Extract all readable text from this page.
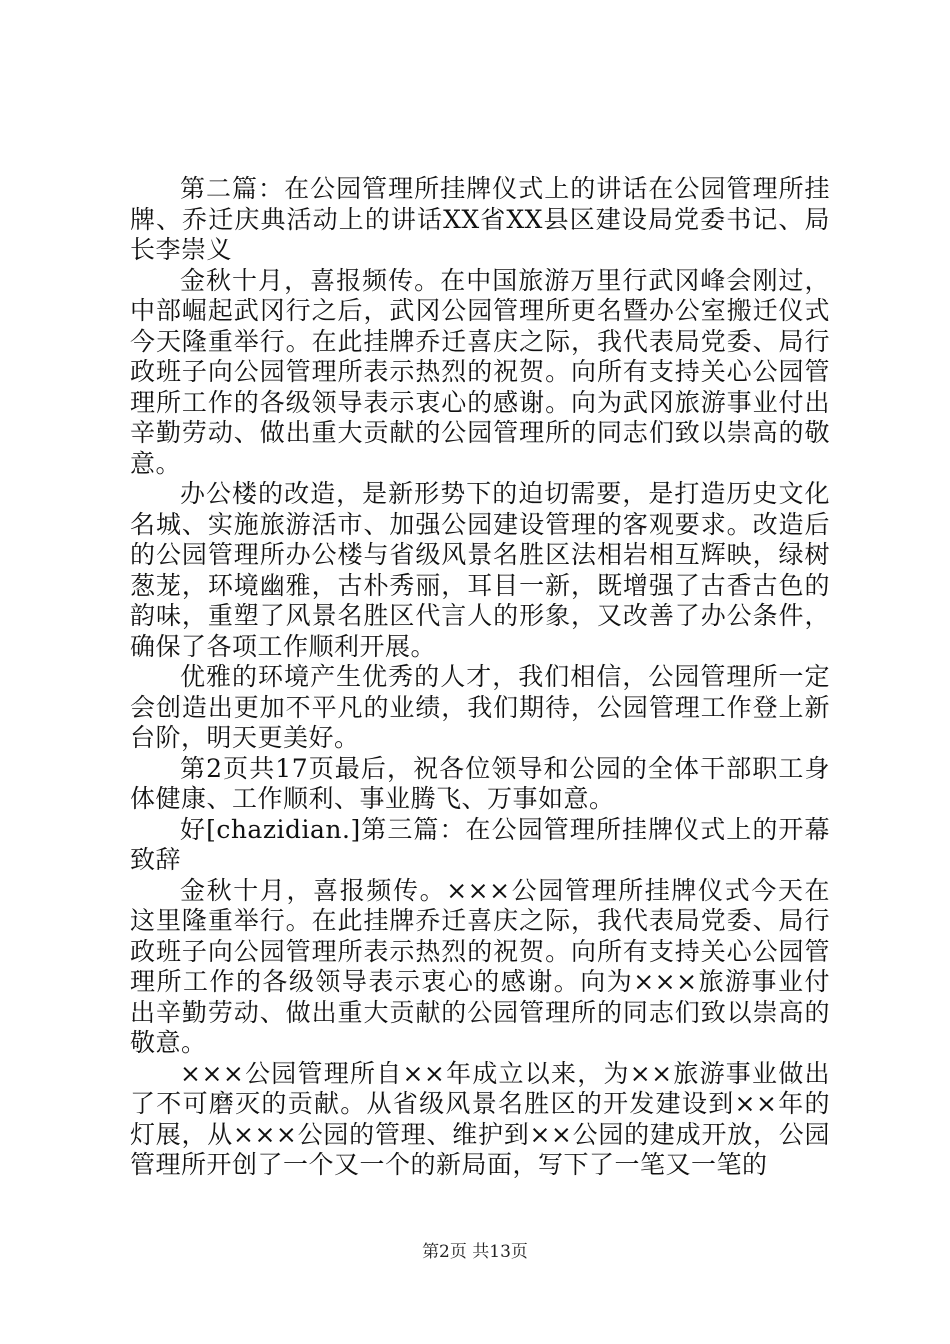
第二篇：在公园管理所挂牌仪式上的讲话在公园管理所挂牌、乔迁庆典活动上的讲话XX省XX县区建设局党委书记、局长李崇义

金秋十月，喜报频传。在中国旅游万里行武冈峰会刚过，中部崛起武冈行之后，武冈公园管理所更名暨办公室搬迁仪式今天隆重举行。在此挂牌乔迁喜庆之际，我代表局党委、局行政班子向公园管理所表示热烈的祝贺。向所有支持关心公园管理所工作的各级领导表示衷心的感谢。向为武冈旅游事业付出辛勤劳动、做出重大贡献的公园管理所的同志们致以崇高的敬意。

办公楼的改造，是新形势下的迫切需要，是打造历史文化名城、实施旅游活市、加强公园建设管理的客观要求。改造后的公园管理所办公楼与省级风景名胜区法相岩相互辉映，绿树葱茏，环境幽雅，古朴秀丽，耳目一新，既增强了古香古色的韵味，重塑了风景名胜区代言人的形象，又改善了办公条件，确保了各项工作顺利开展。

优雅的环境产生优秀的人才，我们相信，公园管理所一定会创造出更加不平凡的业绩，我们期待，公园管理工作登上新台阶，明天更美好。

第2页共17页最后，祝各位领导和公园的全体干部职工身体健康、工作顺利、事业腾飞、万事如意。

好[chazidian.]第三篇：在公园管理所挂牌仪式上的开幕致辞

金秋十月，喜报频传。×××公园管理所挂牌仪式今天在这里隆重举行。在此挂牌乔迁喜庆之际，我代表局党委、局行政班子向公园管理所表示热烈的祝贺。向所有支持关心公园管理所工作的各级领导表示衷心的感谢。向为×××旅游事业付出辛勤劳动、做出重大贡献的公园管理所的同志们致以崇高的敬意。

×××公园管理所自××年成立以来，为××旅游事业做出了不可磨灭的贡献。从省级风景名胜区的开发建设到××年的灯展，从×××公园的管理、维护到××公园的建成开放，公园管理所开创了一个又一个的新局面，写下了一笔又一笔的

第2页 共13页
